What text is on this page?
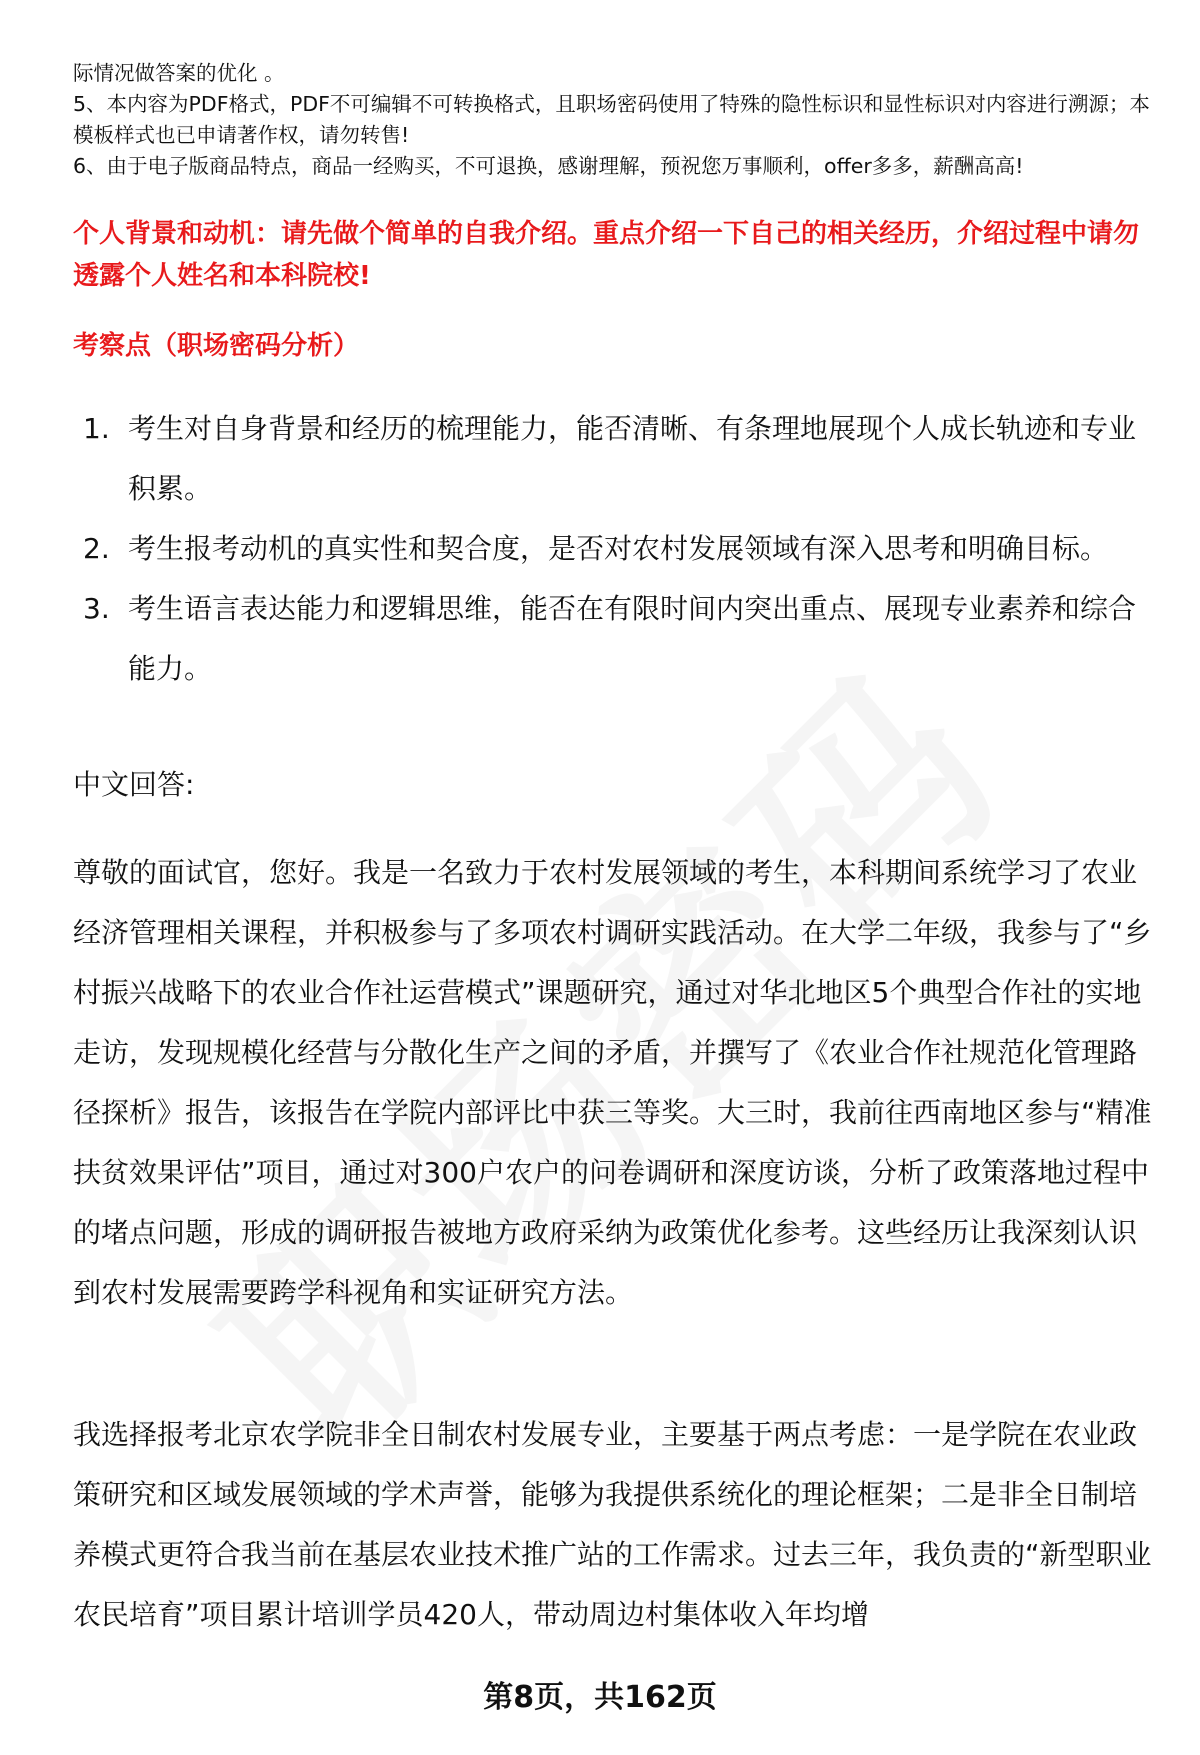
际情况做答案的优化 。

5、本内容为PDF格式，PDF不可编辑不可转换格式，且职场密码使用了特殊的隐性标识和显性标识对内容进行溯源；本模板样式也已申请著作权，请勿转售!

6、由于电子版商品特点，商品一经购买，不可退换，感谢理解，预祝您万事顺利，offer多多，薪酬高高!

个人背景和动机：请先做个简单的自我介绍。重点介绍一下自己的相关经历，介绍过程中请勿透露个人姓名和本科院校!

考察点（职场密码分析）

1. 考生对自身背景和经历的梳理能力，能否清晰、有条理地展现个人成长轨迹和专业积累。
2. 考生报考动机的真实性和契合度，是否对农村发展领域有深入思考和明确目标。
3. 考生语言表达能力和逻辑思维，能否在有限时间内突出重点、展现专业素养和综合能力。

中文回答:

尊敬的面试官，您好。我是一名致力于农村发展领域的考生，本科期间系统学习了农业经济管理相关课程，并积极参与了多项农村调研实践活动。在大学二年级，我参与了“乡村振兴战略下的农业合作社运营模式”课题研究，通过对华北地区5个典型合作社的实地走访，发现规模化经营与分散化生产之间的矛盾，并撰写了《农业合作社规范化管理路径探析》报告，该报告在学院内部评比中获三等奖。大三时，我前往西南地区参与“精准扶贫效果评估”项目，通过对300户农户的问卷调研和深度访谈，分析了政策落地过程中的堵点问题，形成的调研报告被地方政府采纳为政策优化参考。这些经历让我深刻认识到农村发展需要跨学科视角和实证研究方法。

我选择报考北京农学院非全日制农村发展专业，主要基于两点考虑：一是学院在农业政策研究和区域发展领域的学术声誉，能够为我提供系统化的理论框架；二是非全日制培养模式更符合我当前在基层农业技术推广站的工作需求。过去三年，我负责的“新型职业农民培育”项目累计培训学员420人，带动周边村集体收入年均增

第8页，共162页
